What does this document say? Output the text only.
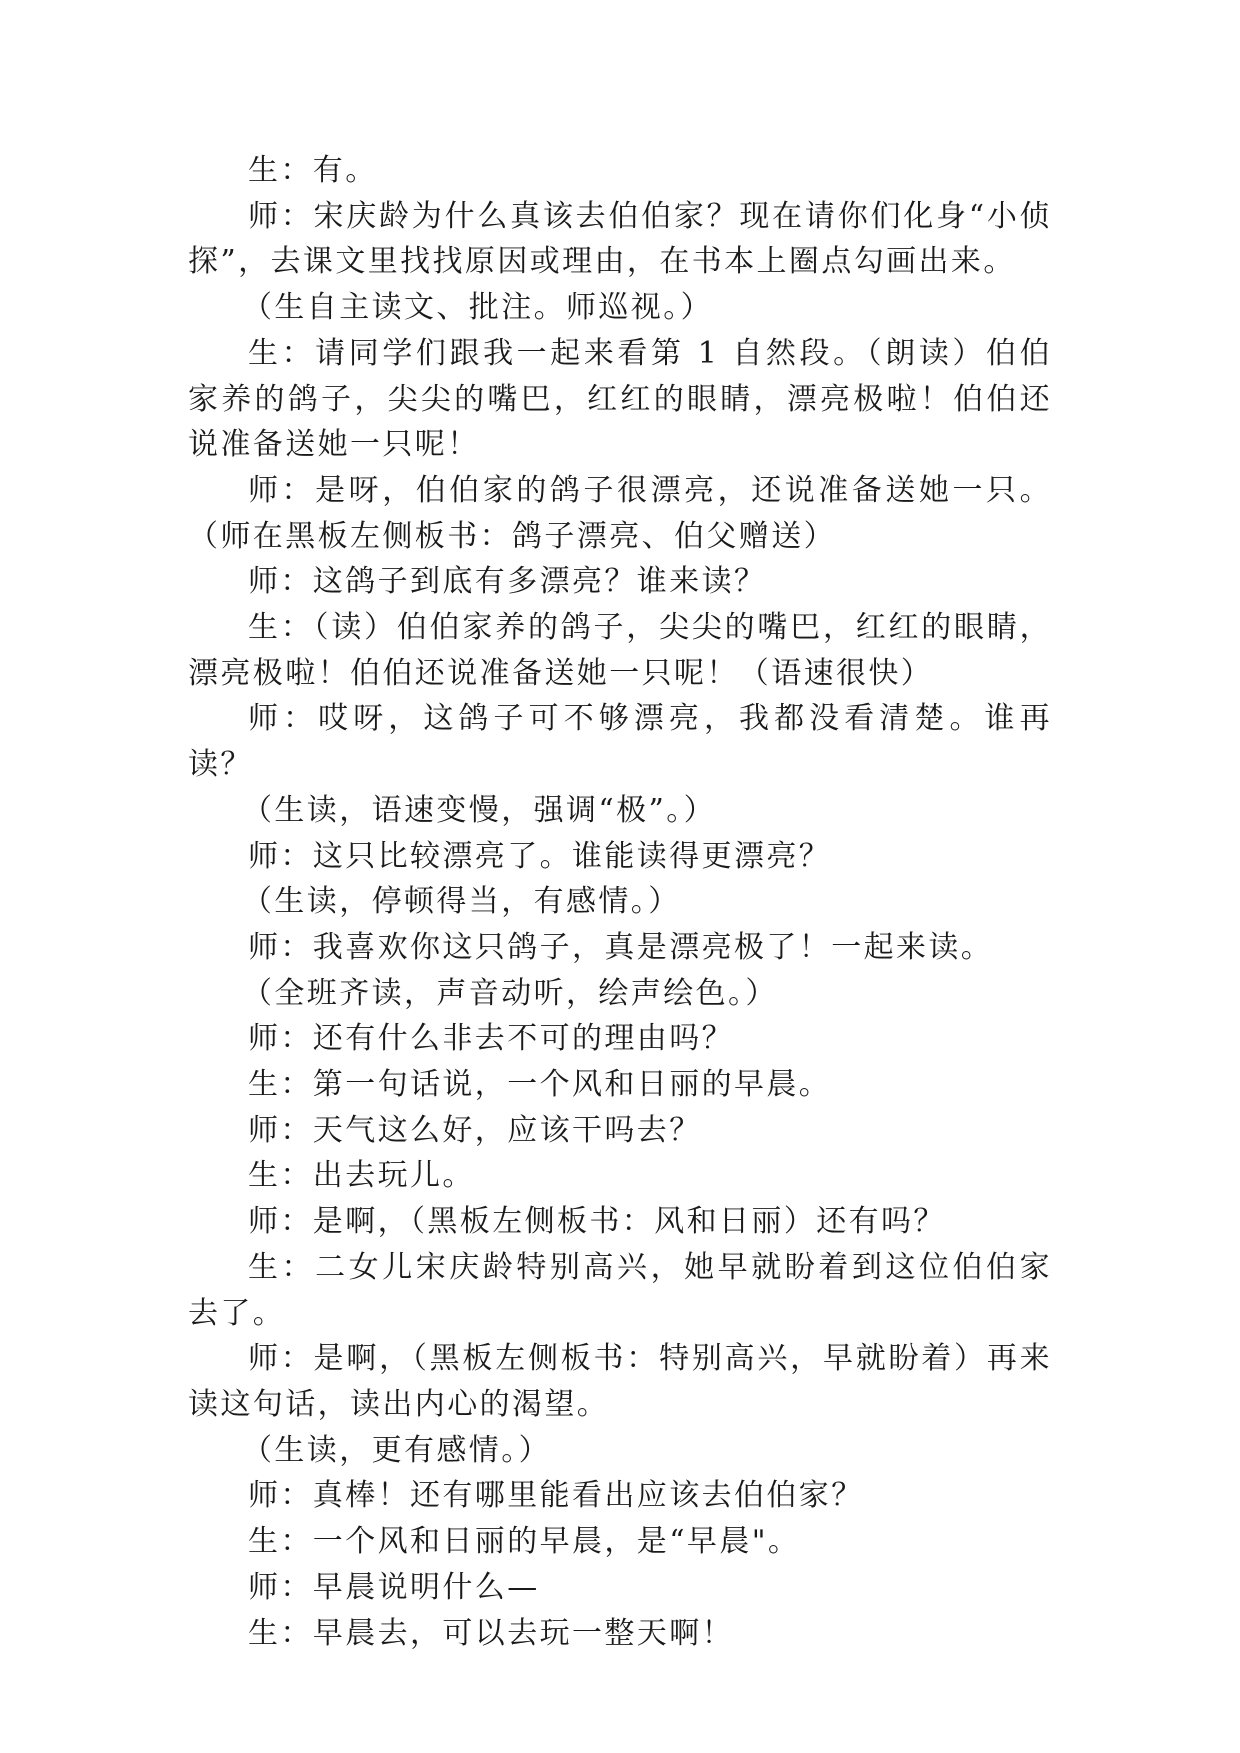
生：有。

师：宋庆龄为什么真该去伯伯家？现在请你们化身“小侦探”，去课文里找找原因或理由，在书本上圈点勾画出来。

（生自主读文、批注。师巡视。）

生：请同学们跟我一起来看第 1 自然段。（朗读）伯伯家养的鸽子，尖尖的嘴巴，红红的眼睛，漂亮极啦！伯伯还说准备送她一只呢！

师：是呀，伯伯家的鸽子很漂亮，还说准备送她一只。（师在黑板左侧板书：鸽子漂亮、伯父赠送）

师：这鸽子到底有多漂亮？谁来读？

生：（读）伯伯家养的鸽子，尖尖的嘴巴，红红的眼睛，漂亮极啦！伯伯还说准备送她一只呢！（语速很快）

师：哎呀，这鸽子可不够漂亮，我都没看清楚。谁再读？

（生读，语速变慢，强调“极”。）

师：这只比较漂亮了。谁能读得更漂亮？

（生读，停顿得当，有感情。）

师：我喜欢你这只鸽子，真是漂亮极了！一起来读。

（全班齐读，声音动听，绘声绘色。）

师：还有什么非去不可的理由吗？

生：第一句话说，一个风和日丽的早晨。

师：天气这么好，应该干吗去？

生：出去玩儿。

师：是啊，（黑板左侧板书：风和日丽）还有吗？

生：二女儿宋庆龄特别高兴，她早就盼着到这位伯伯家去了。

师：是啊，（黑板左侧板书：特别高兴，早就盼着）再来读这句话，读出内心的渴望。

（生读，更有感情。）

师：真棒！还有哪里能看出应该去伯伯家？

生：一个风和日丽的早晨，是“早晨"。

师：早晨说明什么—

生：早晨去，可以去玩一整天啊！
